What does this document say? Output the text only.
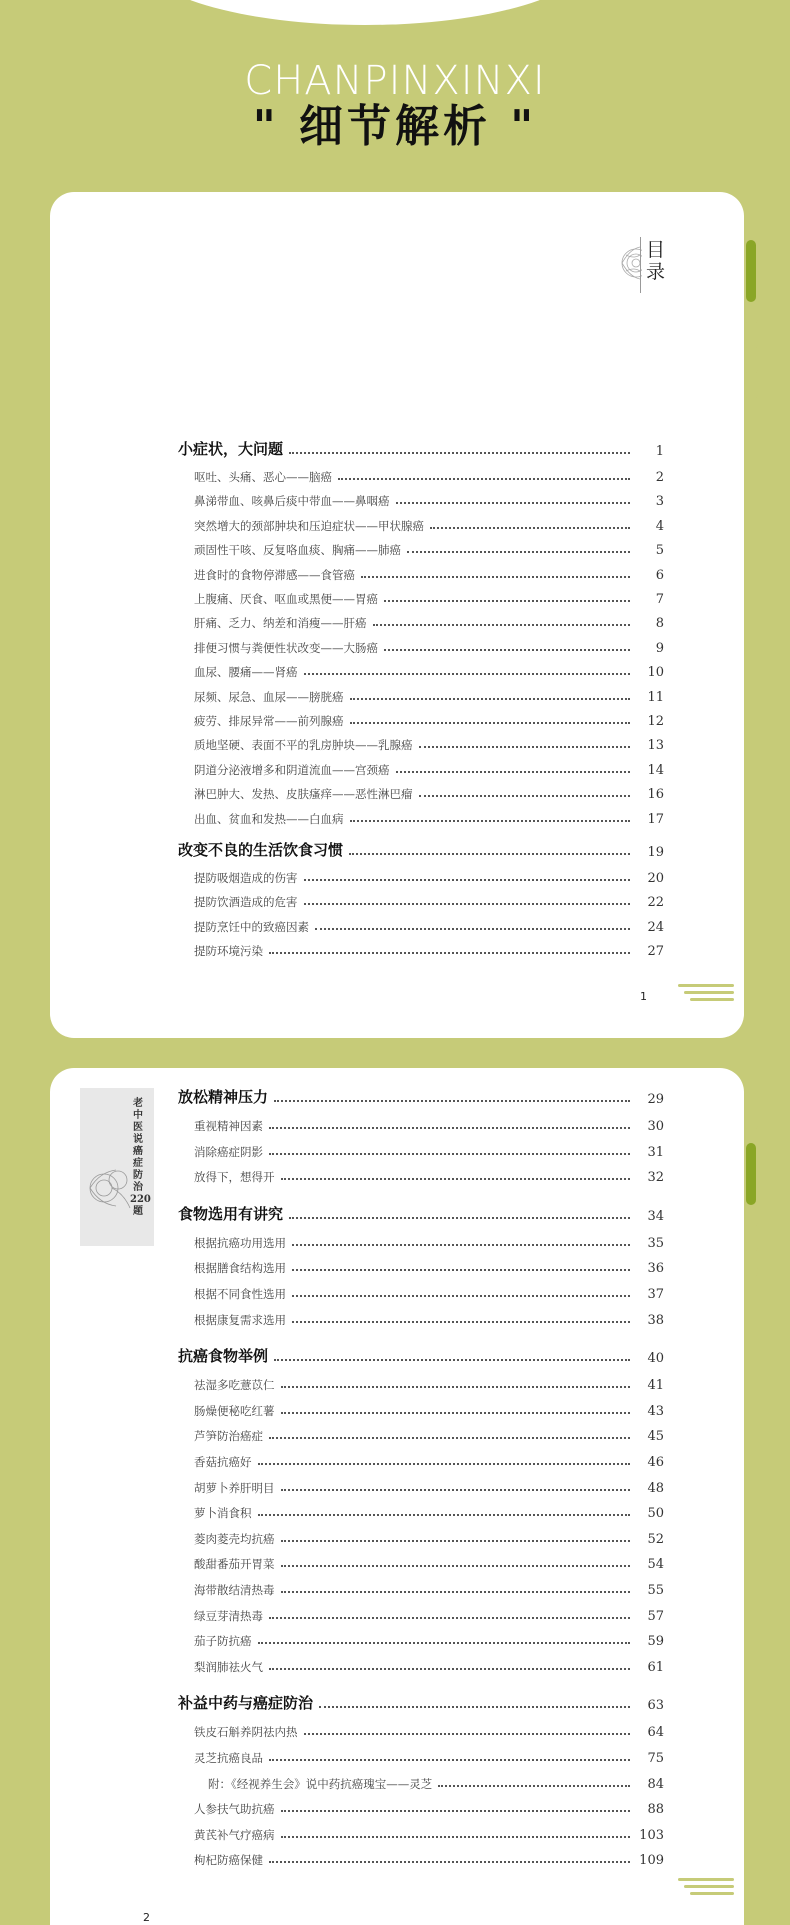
CHANPINXINXI
" 细节解析 "
目录
小症状，大问题	1
呕吐、头痛、恶心——脑癌	2
鼻涕带血、咳鼻后痰中带血——鼻咽癌	3
突然增大的颈部肿块和压迫症状——甲状腺癌	4
顽固性干咳、反复咯血痰、胸痛——肺癌	5
进食时的食物停滞感——食管癌	6
上腹痛、厌食、呕血或黑便——胃癌	7
肝痛、乏力、纳差和消瘦——肝癌	8
排便习惯与粪便性状改变——大肠癌	9
血尿、腰痛——肾癌	10
尿频、尿急、血尿——膀胱癌	11
疲劳、排尿异常——前列腺癌	12
质地坚硬、表面不平的乳房肿块——乳腺癌	13
阴道分泌液增多和阴道流血——宫颈癌	14
淋巴肿大、发热、皮肤瘙痒——恶性淋巴瘤	16
出血、贫血和发热——白血病	17
改变不良的生活饮食习惯	19
提防吸烟造成的伤害	20
提防饮酒造成的危害	22
提防烹饪中的致癌因素	24
提防环境污染	27
1
老中医说癌症防治220题
放松精神压力	29
重视精神因素	30
消除癌症阴影	31
放得下，想得开	32
食物选用有讲究	34
根据抗癌功用选用	35
根据膳食结构选用	36
根据不同食性选用	37
根据康复需求选用	38
抗癌食物举例	40
祛湿多吃薏苡仁	41
肠燥便秘吃红薯	43
芦笋防治癌症	45
香菇抗癌好	46
胡萝卜养肝明目	48
萝卜消食积	50
菱肉菱壳均抗癌	52
酸甜番茄开胃菜	54
海带散结清热毒	55
绿豆芽清热毒	57
茄子防抗癌	59
梨润肺祛火气	61
补益中药与癌症防治	63
铁皮石斛养阴祛内热	64
灵芝抗癌良品	75
附：《经视养生会》说中药抗癌瑰宝——灵芝	84
人参扶气助抗癌	88
黄芪补气疗癌病	103
枸杞防癌保健	109
2
